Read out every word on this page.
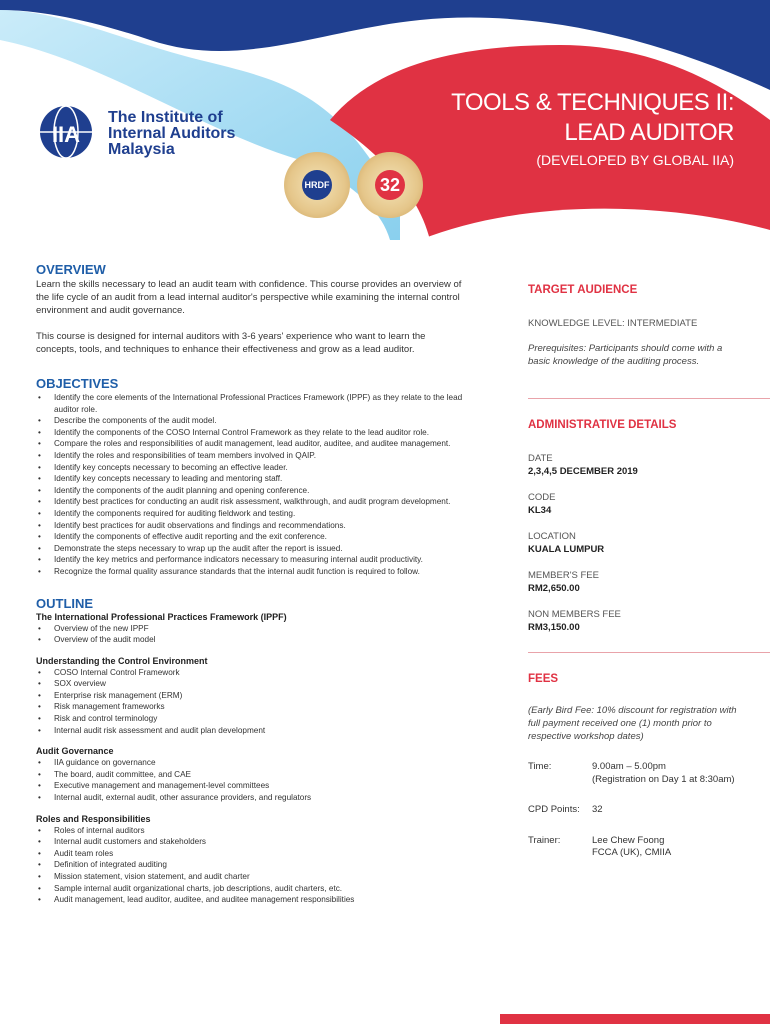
IIA
The Institute of
Internal Auditors
Malaysia
HRDF	32
TOOLS & TECHNIQUES II:
LEAD AUDITOR
(DEVELOPED BY GLOBAL IIA)
OVERVIEW
Learn the skills necessary to lead an audit team with confidence. This course provides an overview of the life cycle of an audit from a lead internal auditor's perspective while examining the internal control environment and audit governance.
This course is designed for internal auditors with 3-6 years' experience who want to learn the concepts, tools, and techniques to enhance their effectiveness and grow as a lead auditor.
OBJECTIVES
• Identify the core elements of the International Professional Practices Framework (IPPF) as they relate to the lead auditor role.
• Describe the components of the audit model.
• Identify the components of the COSO Internal Control Framework as they relate to the lead auditor role.
• Compare the roles and responsibilities of audit management, lead auditor, auditee, and auditee management.
• Identify the roles and responsibilities of team members involved in QAIP.
• Identify key concepts necessary to becoming an effective leader.
• Identify key concepts necessary to leading and mentoring staff.
• Identify the components of the audit planning and opening conference.
• Identify best practices for conducting an audit risk assessment, walkthrough, and audit program development.
• Identify the components required for auditing fieldwork and testing.
• Identify best practices for audit observations and findings and recommendations.
• Identify the components of effective audit reporting and the exit conference.
• Demonstrate the steps necessary to wrap up the audit after the report is issued.
• Identify the key metrics and performance indicators necessary to measuring internal audit productivity.
• Recognize the formal quality assurance standards that the internal audit function is required to follow.
OUTLINE
The International Professional Practices Framework (IPPF)
• Overview of the new IPPF
• Overview of the audit model
Understanding the Control Environment
• COSO Internal Control Framework
• SOX overview
• Enterprise risk management (ERM)
• Risk management frameworks
• Risk and control terminology
• Internal audit risk assessment and audit plan development
Audit Governance
• IIA guidance on governance
• The board, audit committee, and CAE
• Executive management and management-level committees
• Internal audit, external audit, other assurance providers, and regulators
Roles and Responsibilities
• Roles of internal auditors
• Internal audit customers and stakeholders
• Audit team roles
• Definition of integrated auditing
• Mission statement, vision statement, and audit charter
• Sample internal audit organizational charts, job descriptions, audit charters, etc.
• Audit management, lead auditor, auditee, and auditee management responsibilities
TARGET AUDIENCE
KNOWLEDGE LEVEL: INTERMEDIATE
Prerequisites: Participants should come with a basic knowledge of the auditing process.
ADMINISTRATIVE DETAILS
DATE
2,3,4,5 DECEMBER 2019
CODE
KL34
LOCATION
KUALA LUMPUR
MEMBER'S FEE
RM2,650.00
NON MEMBERS FEE
RM3,150.00
FEES
(Early Bird Fee: 10% discount for registration with full payment received one (1) month prior to respective workshop dates)
Time:	9.00am – 5.00pm
(Registration on Day 1 at 8:30am)
CPD Points:	32
Trainer:	Lee Chew Foong
FCCA (UK), CMIIA
